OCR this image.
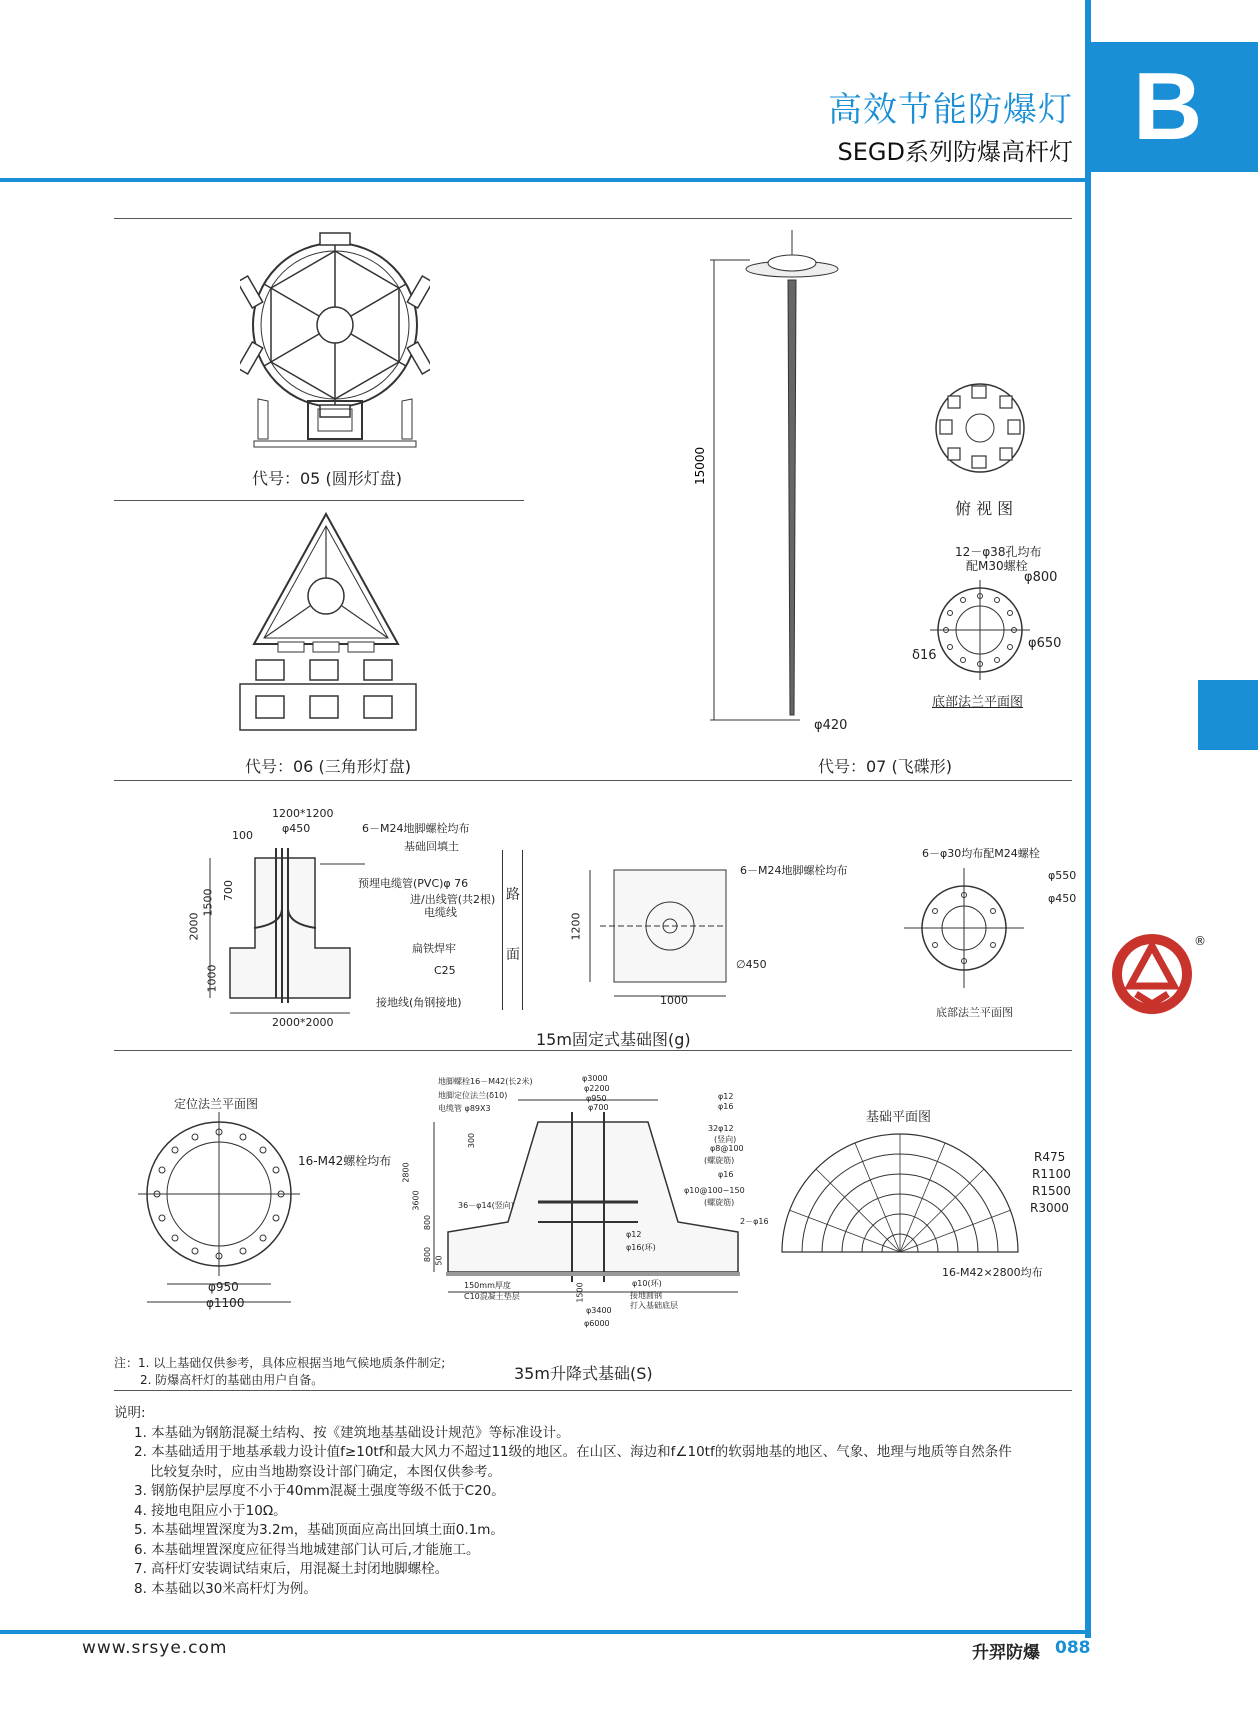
B
高效节能防爆灯
SEGD系列防爆高杆灯
代号：05 (圆形灯盘)
代号：06 (三角形灯盘)
15000
φ420
代号：07 (飞碟形)
俯 视 图
12－φ38孔均布
配M30螺栓
φ800
φ650
δ16
底部法兰平面图
1200*1200
φ450
100
2000
1500 700
1000
2000*2000
6－M24地脚螺栓均布
基础回填土
预埋电缆管(PVC)φ 76
进/出线管(共2根)
电缆线
扁铁焊牢
C25
接地线(角钢接地)
路
面
1200
1000
6－M24地脚螺栓均布
∅450
6－φ30均布配M24螺栓
φ550
φ450
底部法兰平面图
15m固定式基础图(g)
定位法兰平面图
16-M42螺栓均布
φ950
φ1100
地脚螺栓16－M42(长2米)
地脚定位法兰(δ10)
电缆管 φ89X3
φ3000
φ2200
φ950
φ700
φ12
φ16
32φ12
(竖向)
φ8@100
(螺旋筋)
φ16
φ10@100~150
(螺旋筋)
2－φ16
36－φ14(竖向)
φ12
φ16(环)
φ10(环)
150mm厚度
C10混凝土垫层	接地圆钢
打入基础底层
φ3400
φ6000
3600
2800
300
800
800 50
1500
基础平面图
R475
R1100
R1500
R3000
16-M42×2800均布
注：1. 以上基础仅供参考，具体应根据当地气候地质条件制定;
2. 防爆高杆灯的基础由用户自备。	35m升降式基础(S)
说明:
1. 本基础为钢筋混凝土结构、按《建筑地基基础设计规范》等标准设计。
2. 本基础适用于地基承载力设计值f≥10tf和最大风力不超过11级的地区。在山区、海边和f∠10tf的软弱地基的地区、气象、地理与地质等自然条件
比较复杂时，应由当地勘察设计部门确定，本图仅供参考。
3. 钢筋保护层厚度不小于40mm混凝土强度等级不低于C20。
4. 接地电阻应小于10Ω。
5. 本基础埋置深度为3.2m，基础顶面应高出回填土面0.1m。
6. 本基础埋置深度应征得当地城建部门认可后,才能施工。
7. 高杆灯安装调试结束后，用混凝土封闭地脚螺栓。
8. 本基础以30米高杆灯为例。
®
www.srsye.com	升羿防爆 088
